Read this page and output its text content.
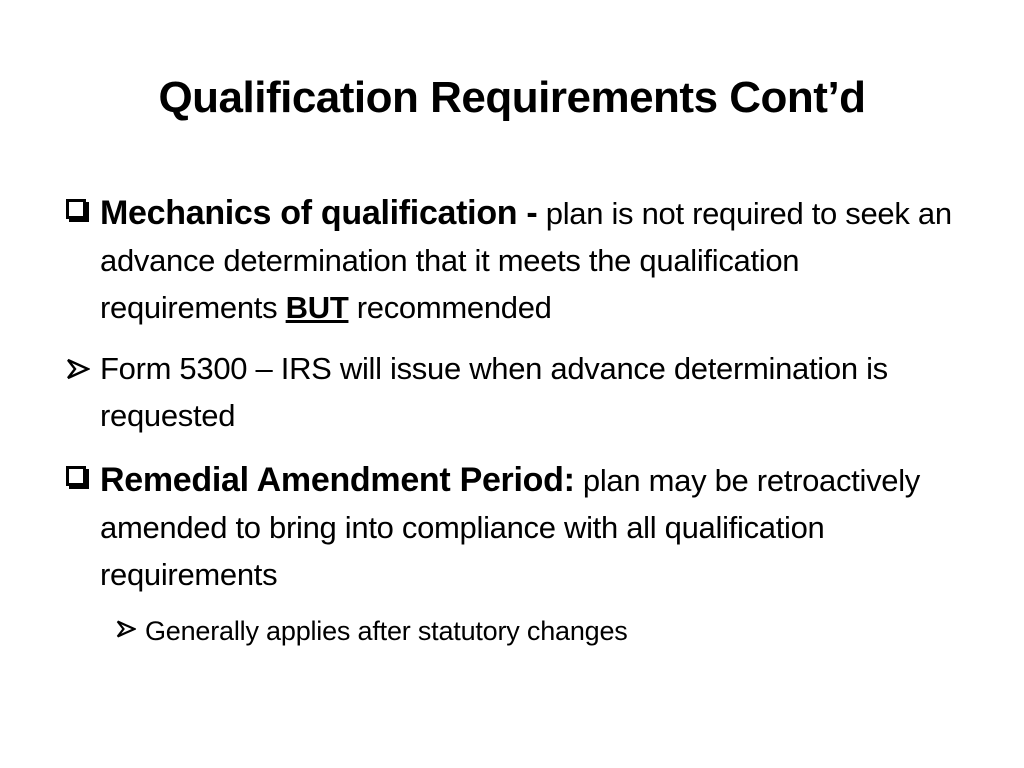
Qualification Requirements Cont’d
Mechanics of qualification - plan is not required to seek an advance determination that it meets the qualification requirements BUT recommended
Form 5300 – IRS will issue when advance determination is requested
Remedial Amendment Period: plan may be retroactively amended to bring into compliance with all qualification requirements
Generally applies after statutory changes
